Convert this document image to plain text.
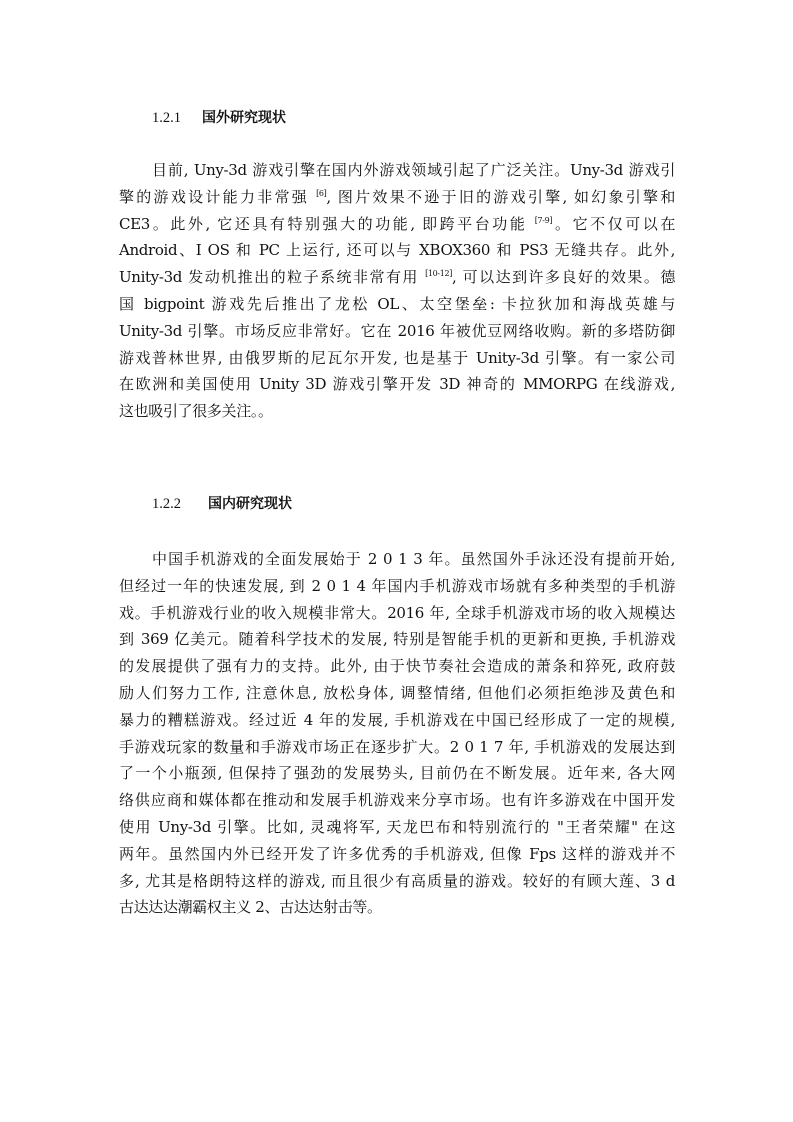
1.2.1 国外研究现状
目前, Uny-3d 游戏引擎在国内外游戏领域引起了广泛关注。Uny-3d 游戏引
擎的游戏设计能力非常强 [6], 图片效果不逊于旧的游戏引擎, 如幻象引擎和
CE3。此外, 它还具有特别强大的功能, 即跨平台功能 [7-9]。它不仅可以在
Android、I OS 和 PC 上运行, 还可以与 XBOX360 和 PS3 无缝共存。此外,
Unity-3d 发动机推出的粒子系统非常有用 [10-12], 可以达到许多良好的效果。德
国 bigpoint 游戏先后推出了龙松 OL、太空堡垒: 卡拉狄加和海战英雄与
Unity-3d 引擎。市场反应非常好。它在 2016 年被优豆网络收购。新的多塔防御
游戏普林世界, 由俄罗斯的尼瓦尔开发, 也是基于 Unity-3d 引擎。有一家公司
在欧洲和美国使用 Unity 3D 游戏引擎开发 3D 神奇的 MMORPG 在线游戏,
这也吸引了很多关注。。
1.2.2 国内研究现状
中国手机游戏的全面发展始于 2 0 1 3 年。虽然国外手泳还没有提前开始,
但经过一年的快速发展, 到 2 0 1 4 年国内手机游戏市场就有多种类型的手机游
戏。手机游戏行业的收入规模非常大。2016 年, 全球手机游戏市场的收入规模达
到 369 亿美元。随着科学技术的发展, 特别是智能手机的更新和更换, 手机游戏
的发展提供了强有力的支持。此外, 由于快节奏社会造成的萧条和猝死, 政府鼓
励人们努力工作, 注意休息, 放松身体, 调整情绪, 但他们必须拒绝涉及黄色和
暴力的糟糕游戏。经过近 4 年的发展, 手机游戏在中国已经形成了一定的规模,
手游戏玩家的数量和手游戏市场正在逐步扩大。2 0 1 7 年, 手机游戏的发展达到
了一个小瓶颈, 但保持了强劲的发展势头, 目前仍在不断发展。近年来, 各大网
络供应商和媒体都在推动和发展手机游戏来分享市场。也有许多游戏在中国开发
使用 Uny-3d 引擎。比如, 灵魂将军, 天龙巴布和特别流行的 "王者荣耀" 在这
两年。虽然国内外已经开发了许多优秀的手机游戏, 但像 Fps 这样的游戏并不
多, 尤其是格朗特这样的游戏, 而且很少有高质量的游戏。较好的有顾大莲、3 d
古达达达潮霸权主义 2、古达达射击等。
